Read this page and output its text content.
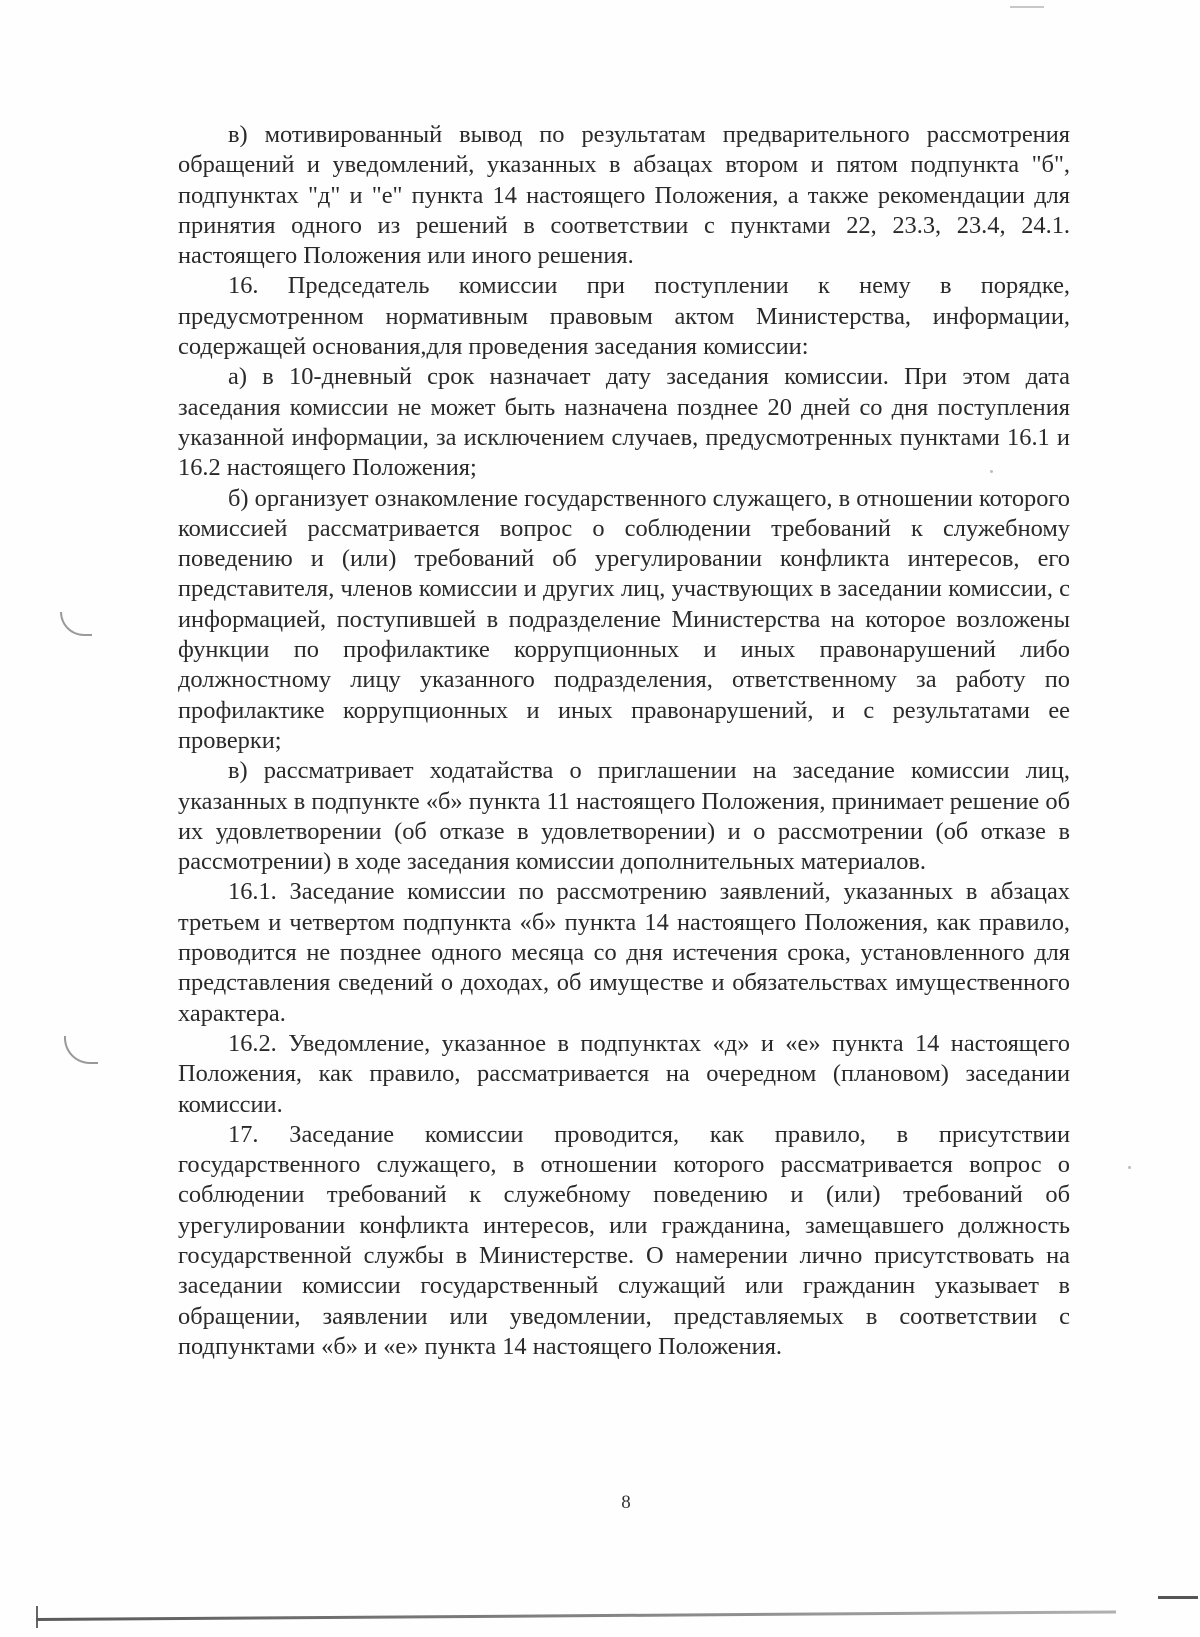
в) мотивированный вывод по результатам предварительного рассмотрения обращений и уведомлений, указанных в абзацах втором и пятом подпункта "б", подпунктах "д" и "е" пункта 14 настоящего Положения, а также рекомендации для принятия одного из решений в соответствии с пунктами 22, 23.3, 23.4, 24.1. настоящего Положения или иного решения.

16. Председатель комиссии при поступлении к нему в порядке, предусмотренном нормативным правовым актом Министерства, информации, содержащей основания,для проведения заседания комиссии:

а) в 10-дневный срок назначает дату заседания комиссии. При этом дата заседания комиссии не может быть назначена позднее 20 дней со дня поступления указанной информации, за исключением случаев, предусмотренных пунктами 16.1 и 16.2 настоящего Положения;

б) организует ознакомление государственного служащего, в отношении которого комиссией рассматривается вопрос о соблюдении требований к служебному поведению и (или) требований об урегулировании конфликта интересов, его представителя, членов комиссии и других лиц, участвующих в заседании комиссии, с информацией, поступившей в подразделение Министерства на которое возложены функции по профилактике коррупционных и иных правонарушений либо должностному лицу указанного подразделения, ответственному за работу по профилактике коррупционных и иных правонарушений, и с результатами ее проверки;

в) рассматривает ходатайства о приглашении на заседание комиссии лиц, указанных в подпункте «б» пункта 11 настоящего Положения, принимает решение об их удовлетворении (об отказе в удовлетворении) и о рассмотрении (об отказе в рассмотрении) в ходе заседания комиссии дополнительных материалов.

16.1. Заседание комиссии по рассмотрению заявлений, указанных в абзацах третьем и четвертом подпункта «б» пункта 14 настоящего Положения, как правило, проводится не позднее одного месяца со дня истечения срока, установленного для представления сведений о доходах, об имуществе и обязательствах имущественного характера.

16.2. Уведомление, указанное в подпунктах «д» и «е» пункта 14 настоящего Положения, как правило, рассматривается на очередном (плановом) заседании комиссии.

17. Заседание комиссии проводится, как правило, в присутствии государственного служащего, в отношении которого рассматривается вопрос о соблюдении требований к служебному поведению и (или) требований об урегулировании конфликта интересов, или гражданина, замещавшего должность государственной службы в Министерстве. О намерении лично присутствовать на заседании комиссии государственный служащий или гражданин указывает в обращении, заявлении или уведомлении, представляемых в соответствии с подпунктами «б» и «е» пункта 14 настоящего Положения.

8
